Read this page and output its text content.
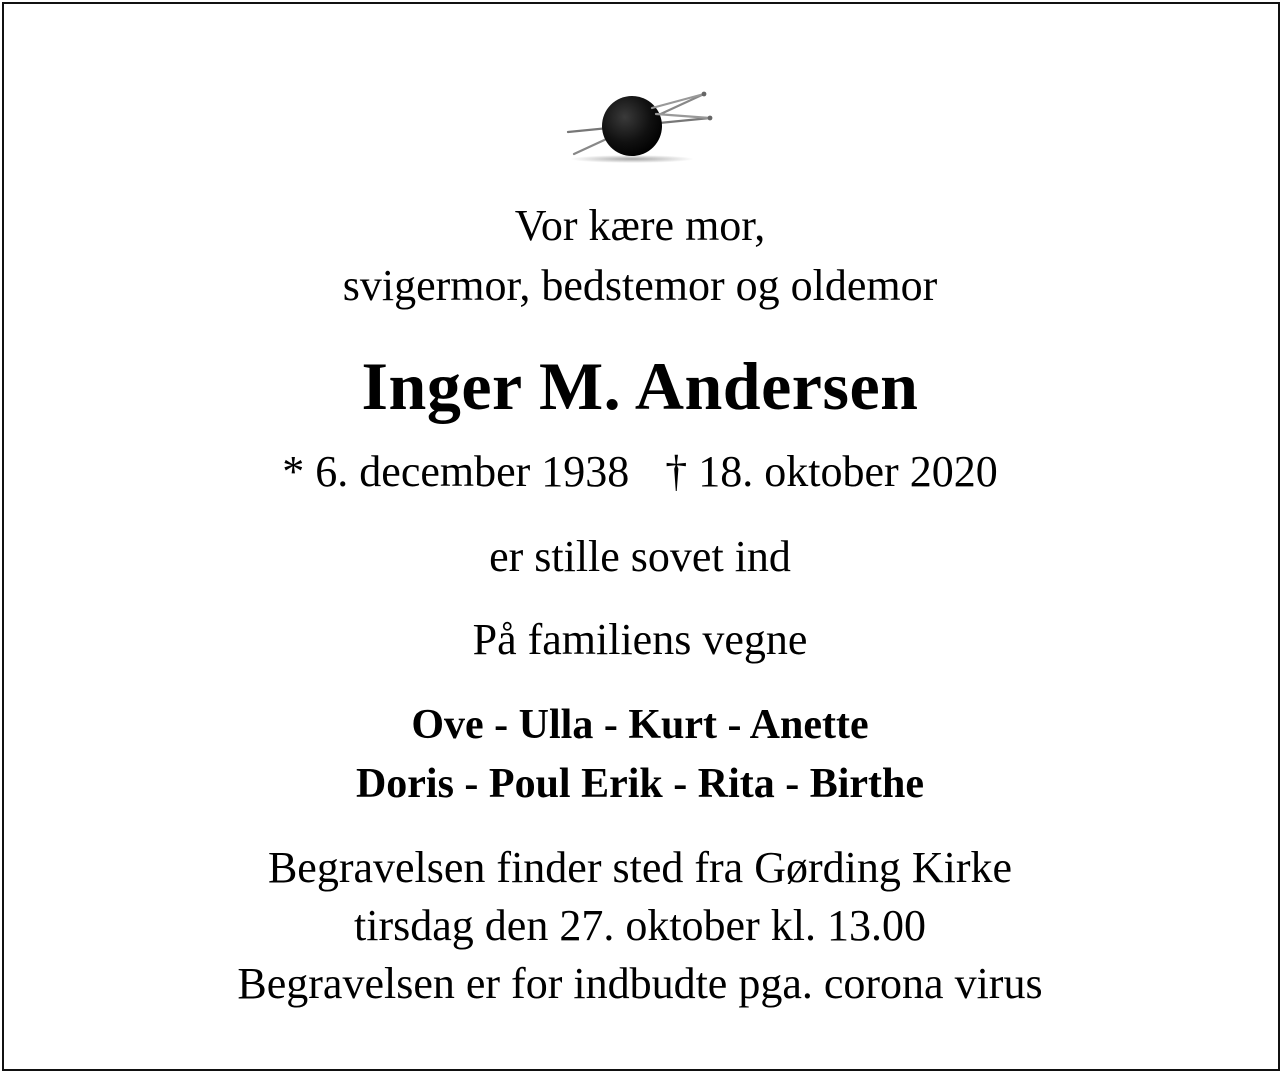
Vor kære mor,
svigermor, bedstemor og oldemor
Inger M. Andersen
* 6. december 1938 † 18. oktober 2020
er stille sovet ind
På familiens vegne
Ove - Ulla - Kurt - Anette
Doris - Poul Erik - Rita - Birthe
Begravelsen finder sted fra Gørding Kirke
tirsdag den 27. oktober kl. 13.00
Begravelsen er for indbudte pga. corona virus
